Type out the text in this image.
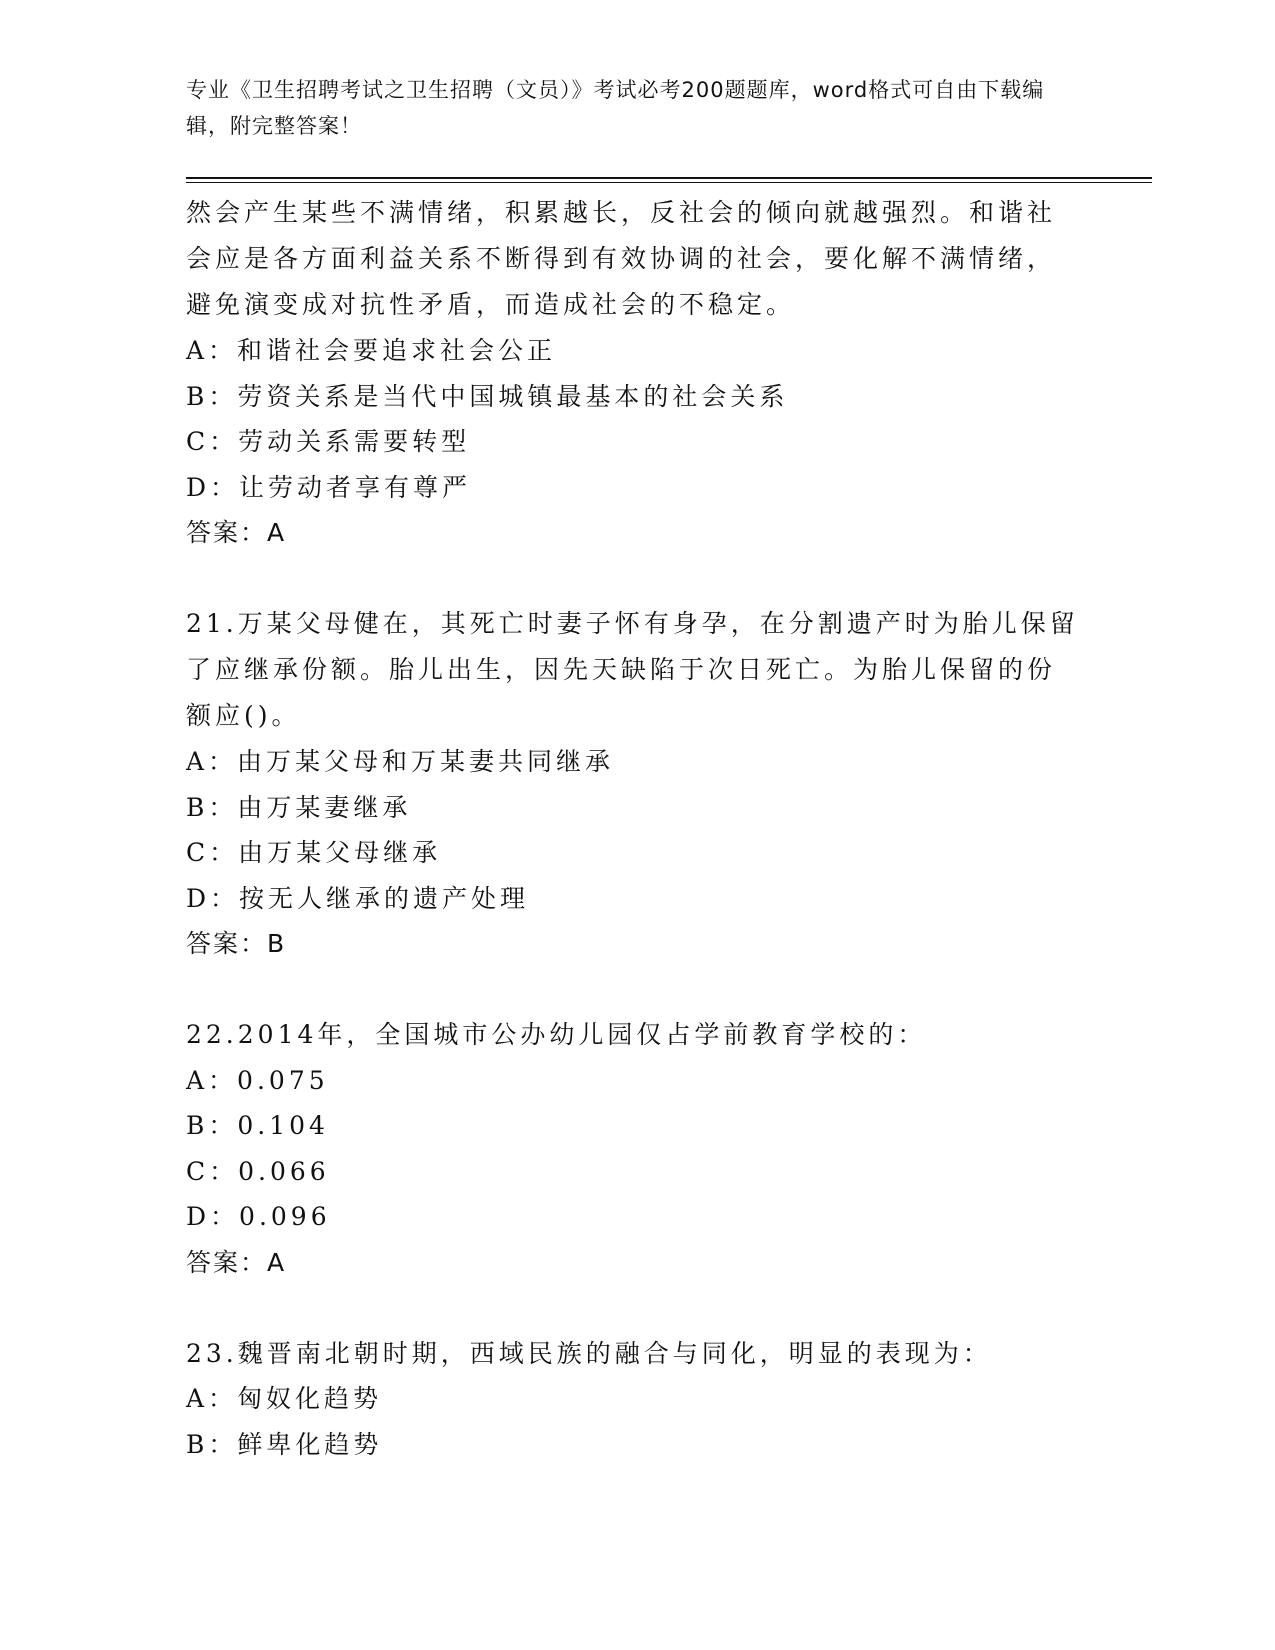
专业《卫生招聘考试之卫生招聘（文员）》考试必考200题题库，word格式可自由下载编辑，附完整答案！
然会产生某些不满情绪，积累越长，反社会的倾向就越强烈。和谐社
会应是各方面利益关系不断得到有效协调的社会，要化解不满情绪，
避免演变成对抗性矛盾，而造成社会的不稳定。
A：和谐社会要追求社会公正
B：劳资关系是当代中国城镇最基本的社会关系
C：劳动关系需要转型
D：让劳动者享有尊严
答案：A
21.万某父母健在，其死亡时妻子怀有身孕，在分割遗产时为胎儿保留
了应继承份额。胎儿出生，因先天缺陷于次日死亡。为胎儿保留的份
额应()。
A：由万某父母和万某妻共同继承
B：由万某妻继承
C：由万某父母继承
D：按无人继承的遗产处理
答案：B
22.2014年，全国城市公办幼儿园仅占学前教育学校的：
A：0.075
B：0.104
C：0.066
D：0.096
答案：A
23.魏晋南北朝时期，西域民族的融合与同化，明显的表现为：
A：匈奴化趋势
B：鲜卑化趋势
